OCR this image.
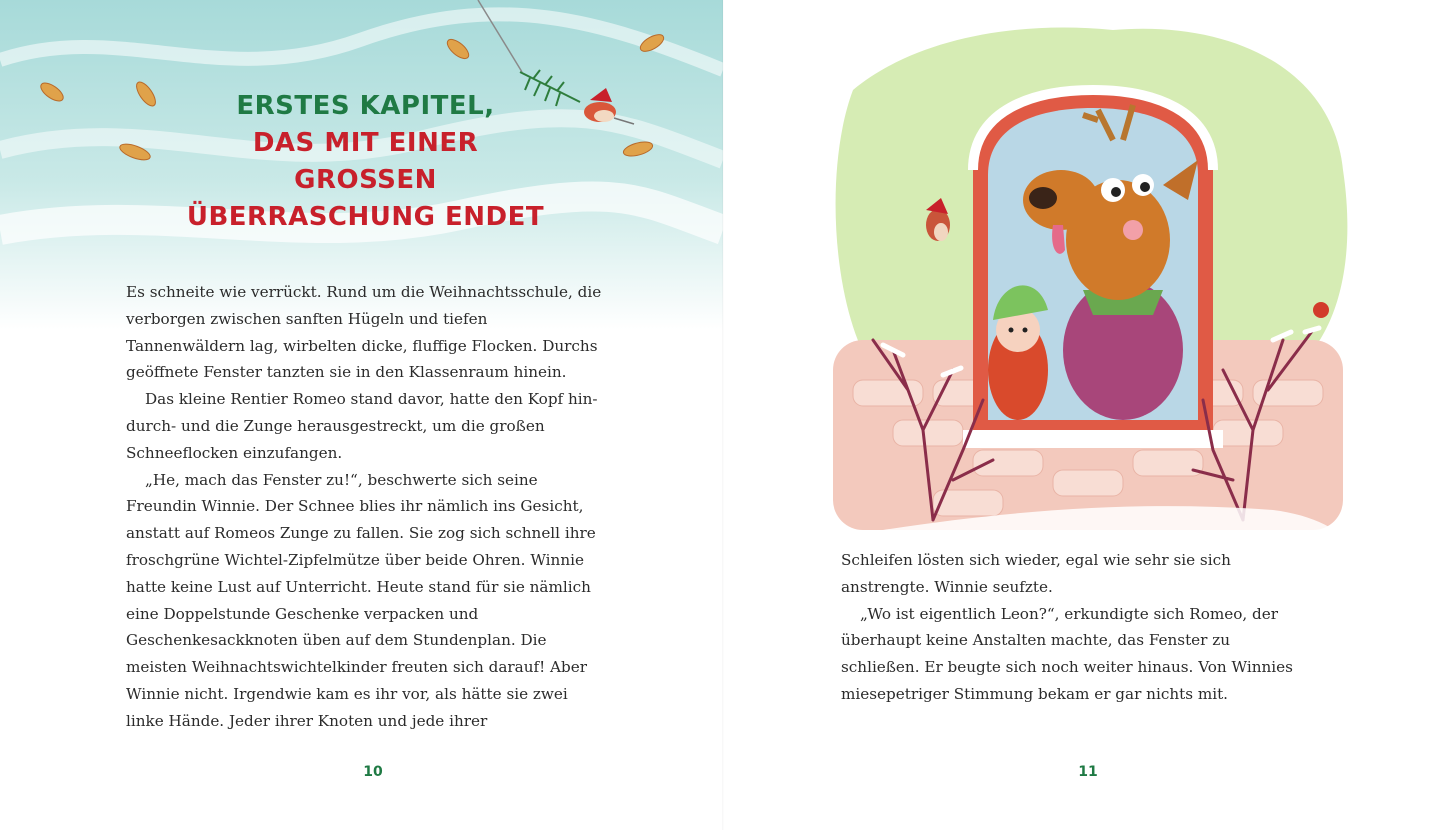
ERSTES KAPITEL,
DAS MIT EINER GROSSEN
ÜBERRASCHUNG ENDET

Es schneite wie verrückt. Rund um die Weihnachtsschule, die verborgen zwischen sanften Hügeln und tiefen Tannenwäldern lag, wirbelten dicke, fluffige Flocken. Durchs geöffnete Fenster tanzten sie in den Klassenraum hinein.

Das kleine Rentier Romeo stand davor, hatte den Kopf hindurch- und die Zunge herausgestreckt, um die großen Schneeflocken einzufangen.

„He, mach das Fenster zu!“, beschwerte sich seine Freundin Winnie. Der Schnee blies ihr nämlich ins Gesicht, anstatt auf Romeos Zunge zu fallen. Sie zog sich schnell ihre froschgrüne Wichtel-Zipfelmütze über beide Ohren. Winnie hatte keine Lust auf Unterricht. Heute stand für sie nämlich eine Doppelstunde Geschenke verpacken und Geschenkesackknoten üben auf dem Stundenplan. Die meisten Weihnachtswichtelkinder freuten sich darauf! Aber Winnie nicht. Irgendwie kam es ihr vor, als hätte sie zwei linke Hände. Jeder ihrer Knoten und jede ihrer

10

Schleifen lösten sich wieder, egal wie sehr sie sich anstrengte. Winnie seufzte.

„Wo ist eigentlich Leon?“, erkundigte sich Romeo, der überhaupt keine Anstalten machte, das Fenster zu schließen. Er beugte sich noch weiter hinaus. Von Winnies miesepetriger Stimmung bekam er gar nichts mit.

11
